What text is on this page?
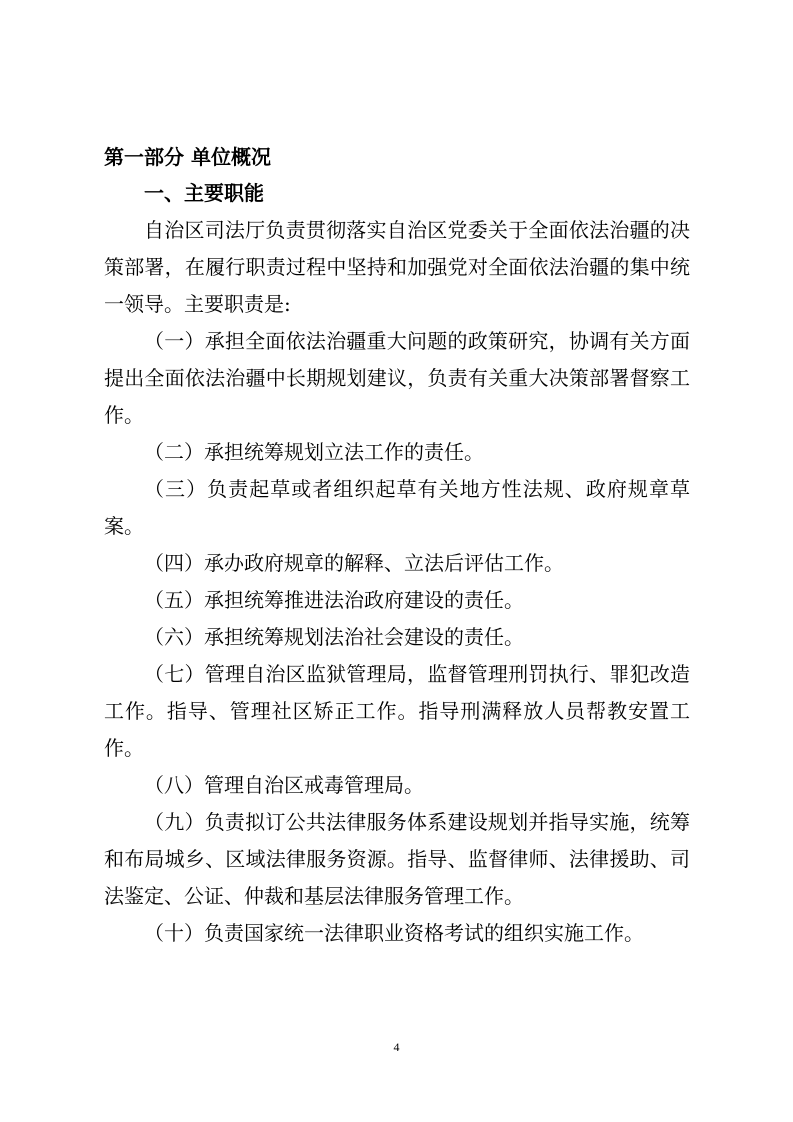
第一部分 单位概况
一、主要职能

自治区司法厅负责贯彻落实自治区党委关于全面依法治疆的决策部署，在履行职责过程中坚持和加强党对全面依法治疆的集中统一领导。主要职责是:

（一）承担全面依法治疆重大问题的政策研究，协调有关方面提出全面依法治疆中长期规划建议，负责有关重大决策部署督察工作。

（二）承担统筹规划立法工作的责任。

（三）负责起草或者组织起草有关地方性法规、政府规章草案。

（四）承办政府规章的解释、立法后评估工作。

（五）承担统筹推进法治政府建设的责任。

（六）承担统筹规划法治社会建设的责任。

（七）管理自治区监狱管理局，监督管理刑罚执行、罪犯改造工作。指导、管理社区矫正工作。指导刑满释放人员帮教安置工作。

（八）管理自治区戒毒管理局。

（九）负责拟订公共法律服务体系建设规划并指导实施，统筹和布局城乡、区域法律服务资源。指导、监督律师、法律援助、司法鉴定、公证、仲裁和基层法律服务管理工作。

（十）负责国家统一法律职业资格考试的组织实施工作。

4
